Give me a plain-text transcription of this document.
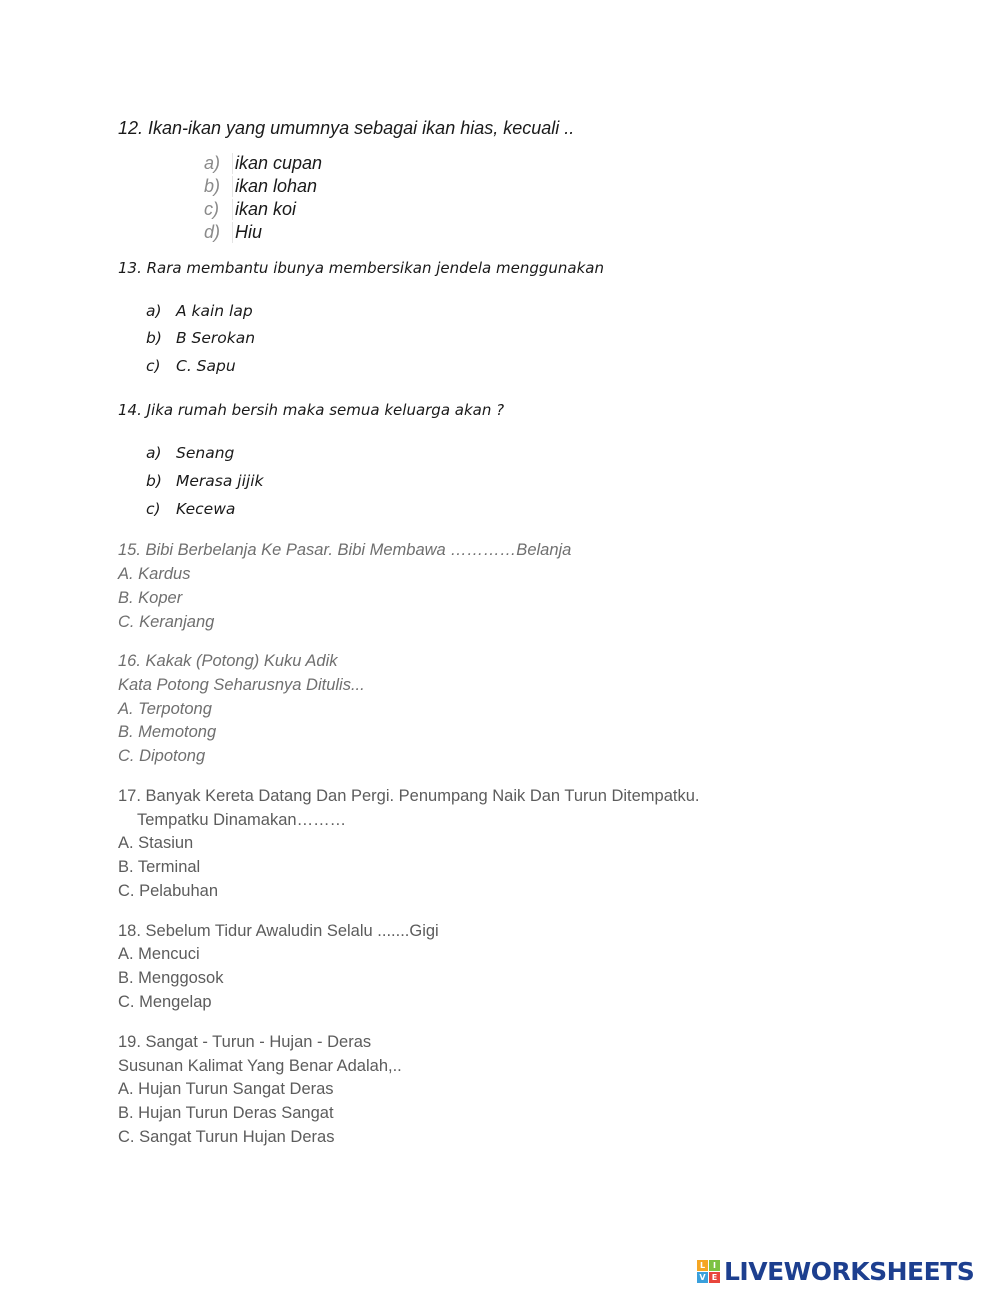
12. Ikan-ikan yang umumnya sebagai ikan hias, kecuali ..
a) ikan cupan
b) ikan lohan
c) ikan koi
d) Hiu
13. Rara membantu ibunya membersikan jendela menggunakan
a) A kain lap
b) B Serokan
c) C. Sapu
14. Jika rumah bersih maka semua keluarga akan ?
a) Senang
b) Merasa jijik
c) Kecewa
15. Bibi Berbelanja Ke Pasar. Bibi Membawa …………Belanja
A. Kardus
B. Koper
C. Keranjang
16. Kakak (Potong) Kuku Adik
Kata Potong Seharusnya Ditulis...
A. Terpotong
B. Memotong
C. Dipotong
17. Banyak Kereta Datang Dan Pergi. Penumpang Naik Dan Turun Ditempatku.
Tempatku Dinamakan………
A. Stasiun
B. Terminal
C. Pelabuhan
18. Sebelum Tidur Awaludin Selalu .......Gigi
A. Mencuci
B. Menggosok
C. Mengelap
19. Sangat - Turun - Hujan - Deras
Susunan Kalimat Yang Benar Adalah,..
A. Hujan Turun Sangat Deras
B. Hujan Turun Deras Sangat
C. Sangat Turun Hujan Deras
L I
V E LIVEWORKSHEETS
